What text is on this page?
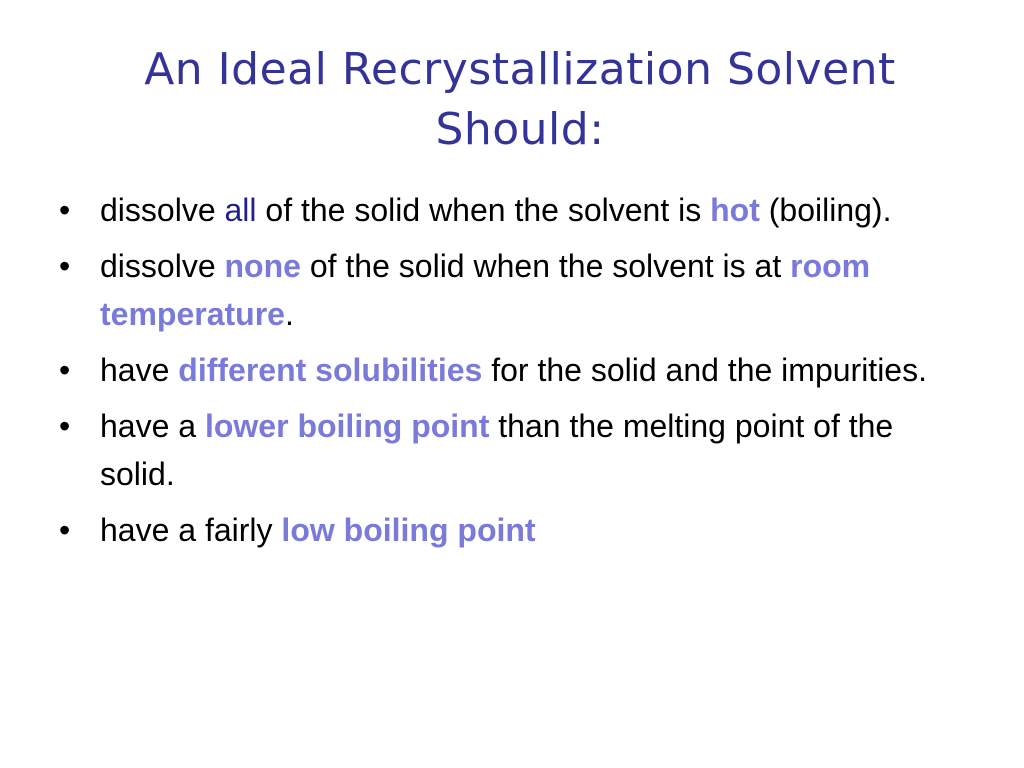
An Ideal Recrystallization Solvent
Should:
• dissolve all of the solid when the solvent is hot (boiling).
• dissolve none of the solid when the solvent is at room temperature.
• have different solubilities for the solid and the impurities.
• have a lower boiling point than the melting point of the solid.
• have a fairly low boiling point
